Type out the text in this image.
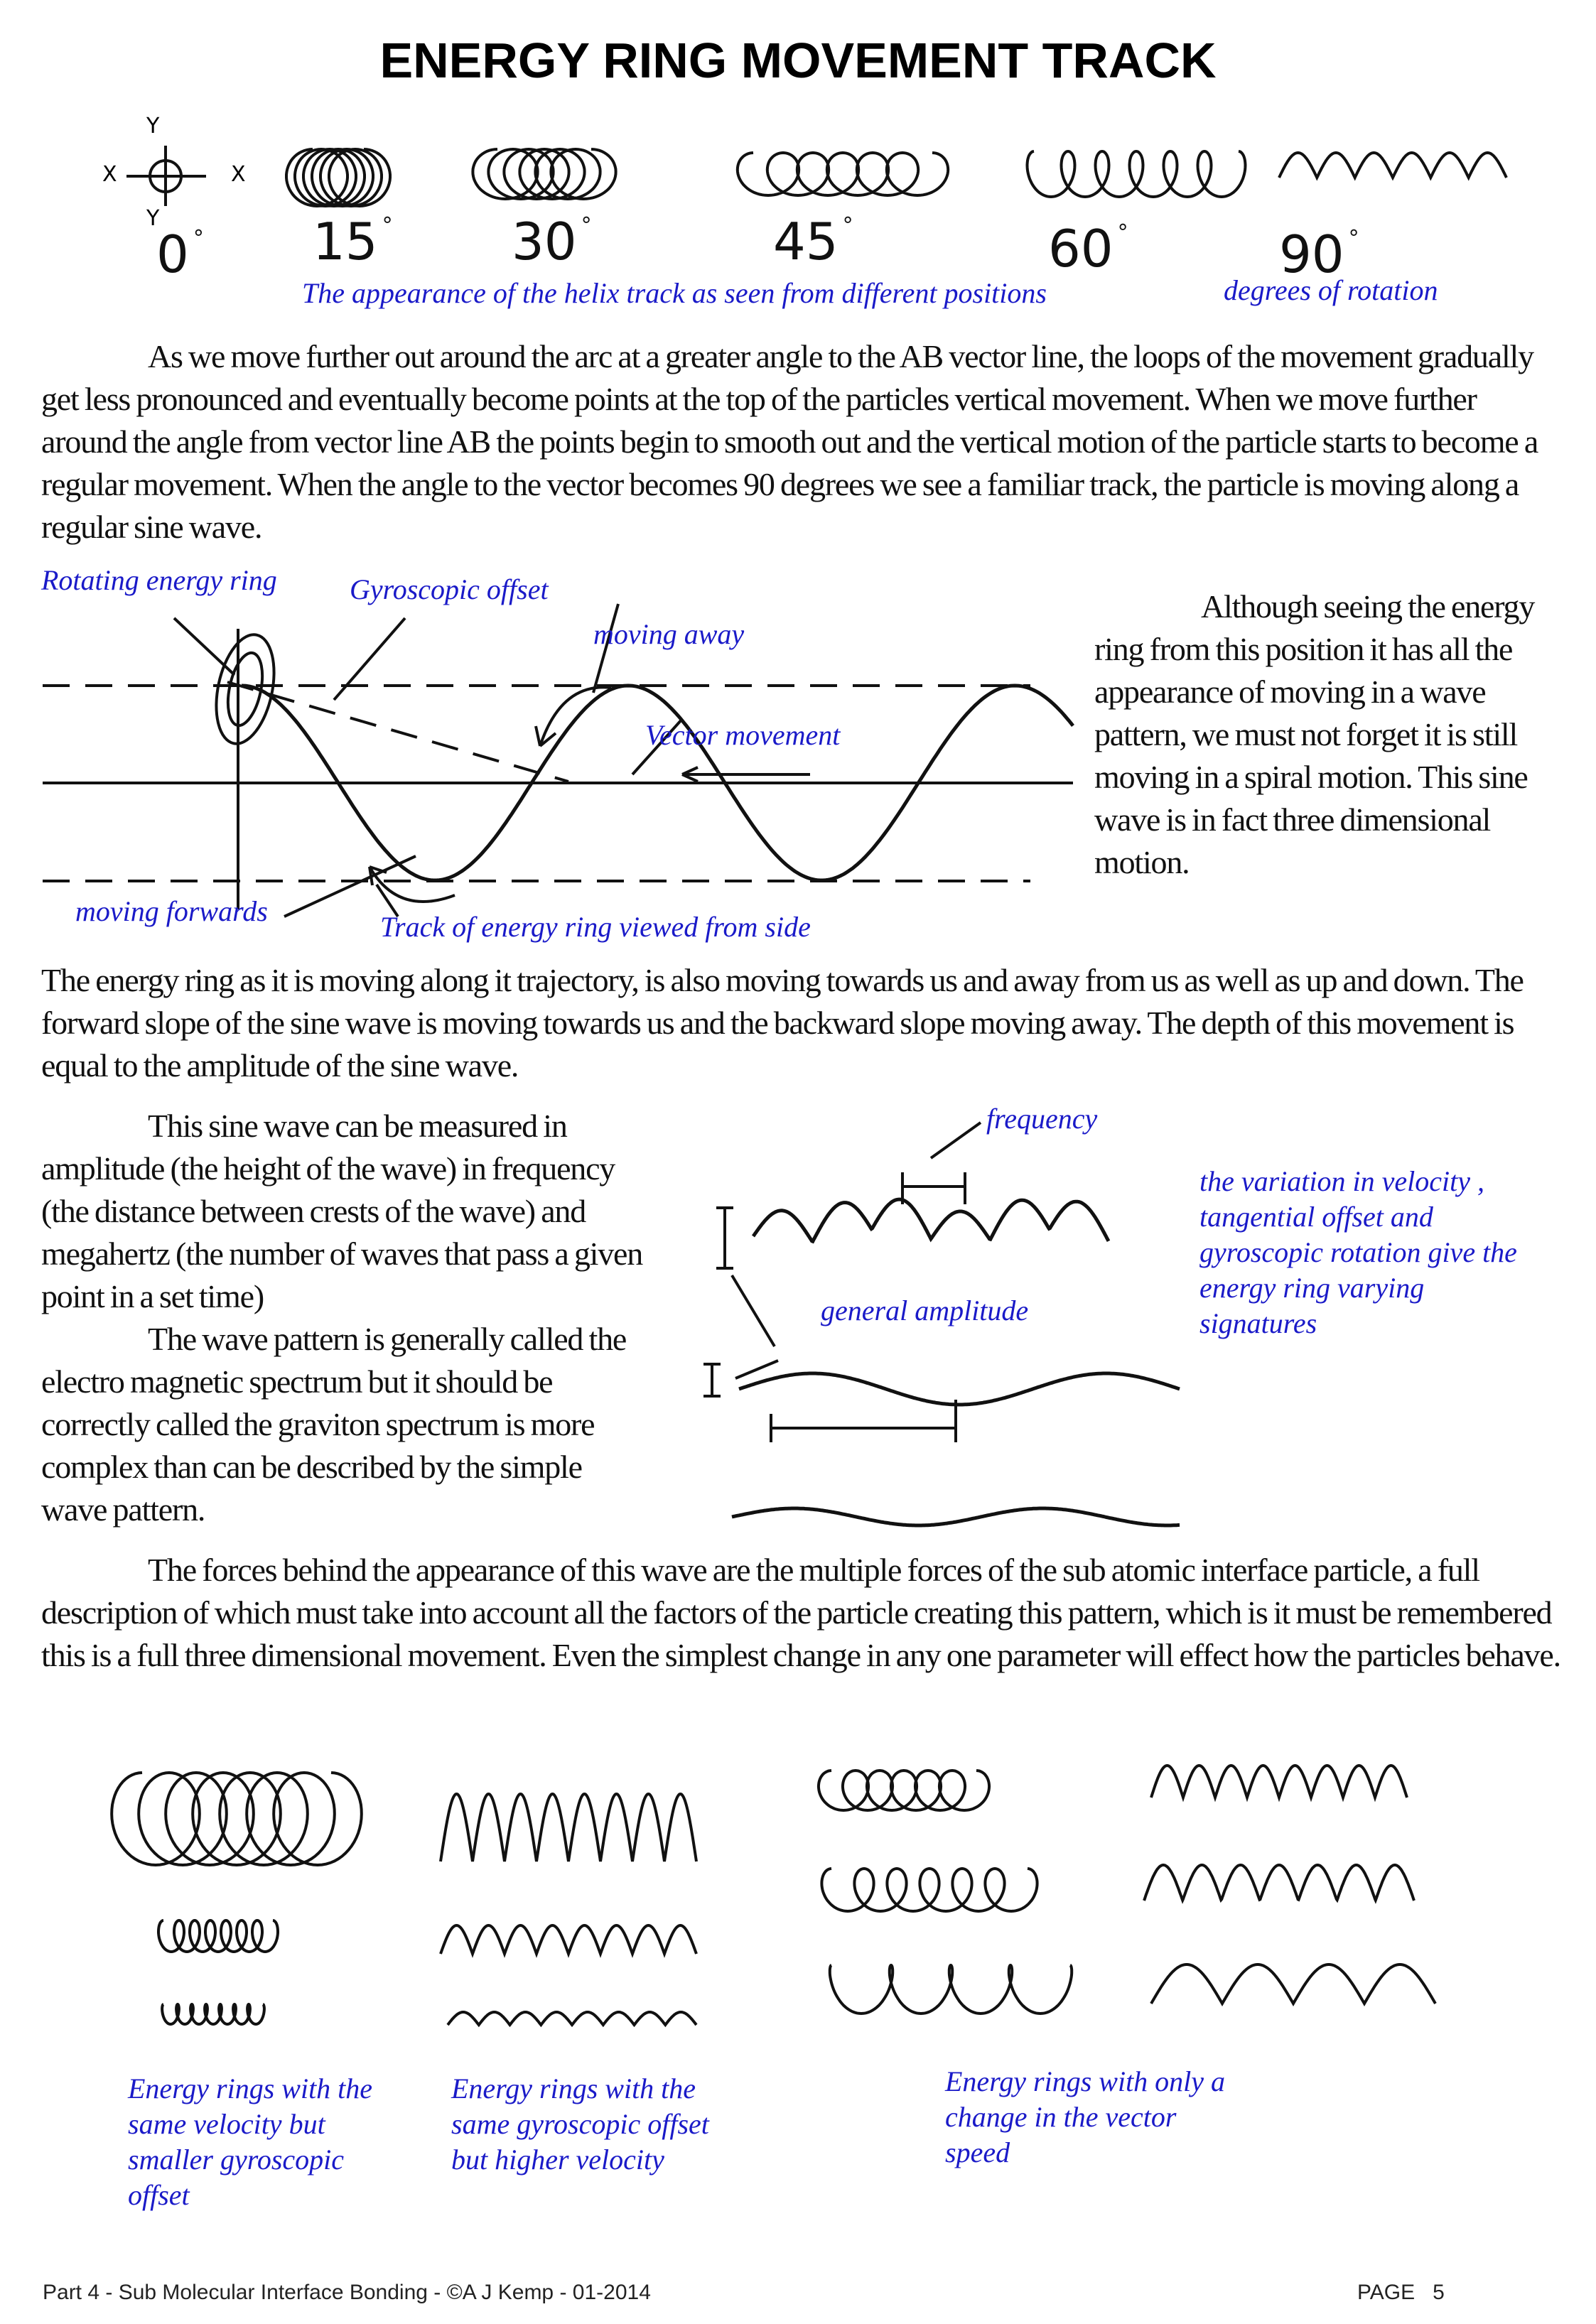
ENERGY RING MOVEMENT TRACK
Y
Y
X	X
0 ° 15 ° 30 °	45 °	60 °	90 °
The appearance of the helix track as seen from different positions	degrees of rotation

As we move further out around the arc at a greater angle to the AB vector line, the loops of the movement gradually get less pronounced and eventually become points at the top of the particles vertical movement. When we move further around the angle from vector line AB the points begin to smooth out and the vertical motion of the particle starts to become a regular movement. When the angle to the vector becomes 90 degrees we see a familiar track, the particle is moving along a regular sine wave.

Rotating energy ring	Gyroscopic offset
moving away
Vector movement
moving forwards	Track of energy ring viewed from side

Although seeing the energy ring from this position it has all the appearance of moving in a wave pattern, we must not forget it is still moving in a spiral motion. This sine wave is in fact three dimensional motion.

The energy ring as it is moving along it trajectory, is also moving towards us and away from us as well as up and down. The forward slope of the sine wave is moving towards us and the backward slope moving away. The depth of this movement is equal to the amplitude of the sine wave.

This sine wave can be measured in amplitude (the height of the wave) in frequency (the distance between crests of the wave) and megahertz (the number of waves that pass a given point in a set time)

The wave pattern is generally called the electro magnetic spectrum but it should be correctly called the graviton spectrum is more complex than can be described by the simple wave pattern.

frequency
general amplitude
the variation in velocity , tangential offset and gyroscopic rotation give the energy ring varying signatures

The forces behind the appearance of this wave are the multiple forces of the sub atomic interface particle, a full description of which must take into account all the factors of the particle creating this pattern, which is it must be remembered this is a full three dimensional movement. Even the simplest change in any one parameter will effect how the particles behave.

Energy rings with the same velocity but smaller gyroscopic offset
Energy rings with the same gyroscopic offset but higher velocity
Energy rings with only a change in the vector speed
Part 4 - Sub Molecular Interface Bonding - ©A J Kemp - 01-2014	PAGE 5
